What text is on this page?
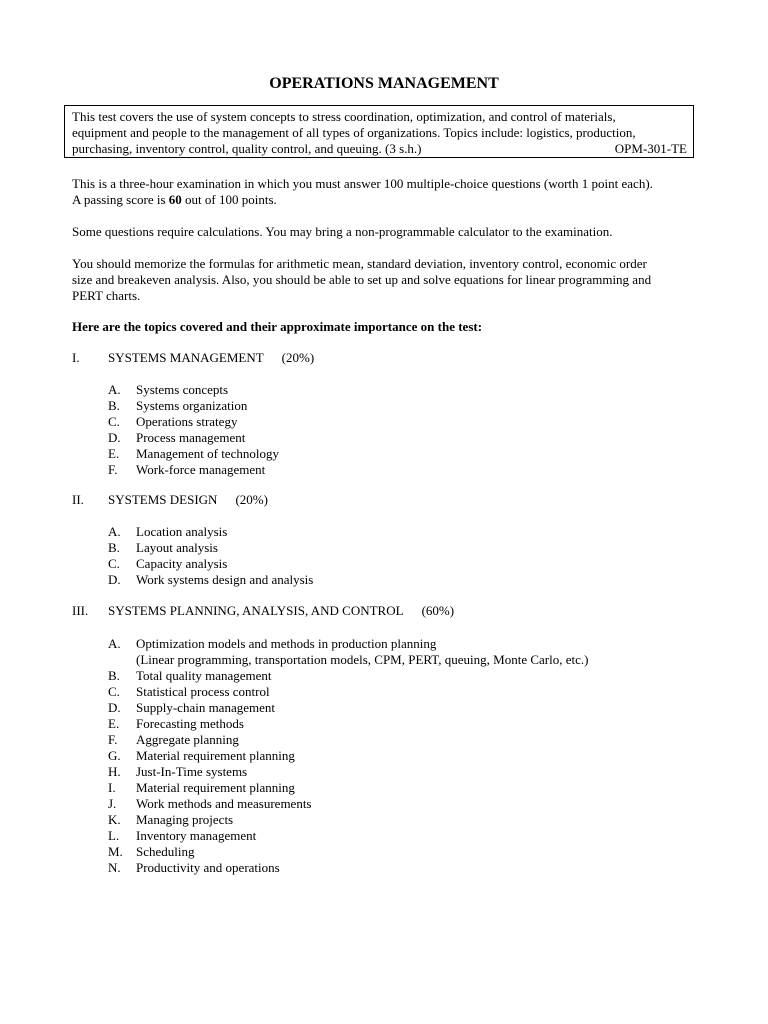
OPERATIONS MANAGEMENT

This test covers the use of system concepts to stress coordination, optimization, and control of materials,

equipment and people to the management of all types of organizations. Topics include: logistics, production,

purchasing, inventory control, quality control, and queuing. (3 s.h.)	OPM-301-TE

This is a three-hour examination in which you must answer 100 multiple-choice questions (worth 1 point each).
A passing score is 60 out of 100 points.

Some questions require calculations. You may bring a non-programmable calculator to the examination.

You should memorize the formulas for arithmetic mean, standard deviation, inventory control, economic order
size and breakeven analysis. Also, you should be able to set up and solve equations for linear programming and
PERT charts.

Here are the topics covered and their approximate importance on the test:

I. SYSTEMS MANAGEMENT (20%)

A. Systems concepts
B. Systems organization
C. Operations strategy
D. Process management
E. Management of technology
F. Work-force management

II. SYSTEMS DESIGN (20%)

A. Location analysis
B. Layout analysis
C. Capacity analysis
D. Work systems design and analysis

III. SYSTEMS PLANNING, ANALYSIS, AND CONTROL (60%)

A. Optimization models and methods in production planning
(Linear programming, transportation models, CPM, PERT, queuing, Monte Carlo, etc.)
B. Total quality management
C. Statistical process control
D. Supply-chain management
E. Forecasting methods
F. Aggregate planning
G. Material requirement planning
H. Just-In-Time systems
I. Material requirement planning
J. Work methods and measurements
K. Managing projects
L. Inventory management
M. Scheduling
N. Productivity and operations
